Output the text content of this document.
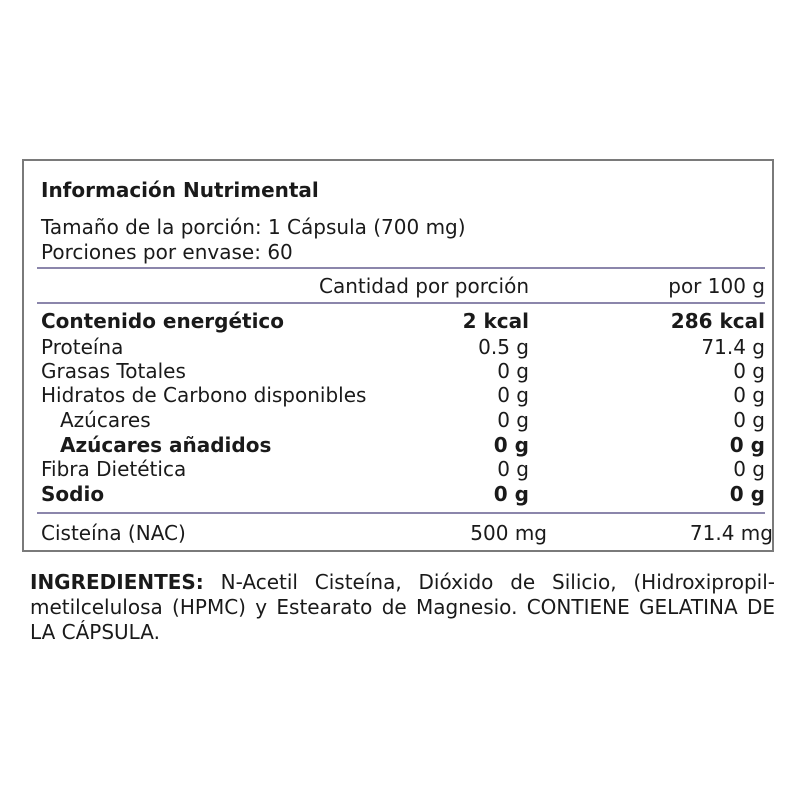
Información Nutrimental
Tamaño de la porción: 1 Cápsula (700 mg)
Porciones por envase: 60
Cantidad por porción	por 100 g
Contenido energético	2 kcal	286 kcal
Proteína	0.5 g	71.4 g
Grasas Totales	0 g	0 g
Hidratos de Carbono disponibles	0 g	0 g
Azúcares	0 g	0 g
Azúcares añadidos	0 g	0 g
Fibra Dietética	0 g	0 g
Sodio	0 g	0 g
Cisteína (NAC)	500 mg	71.4 mg
INGREDIENTES: N-Acetil Cisteína, Dióxido de Silicio, (Hidroxipropil-metilcelulosa (HPMC) y Estearato de Magnesio. CONTIENE GELATINA DE LA CÁPSULA.
